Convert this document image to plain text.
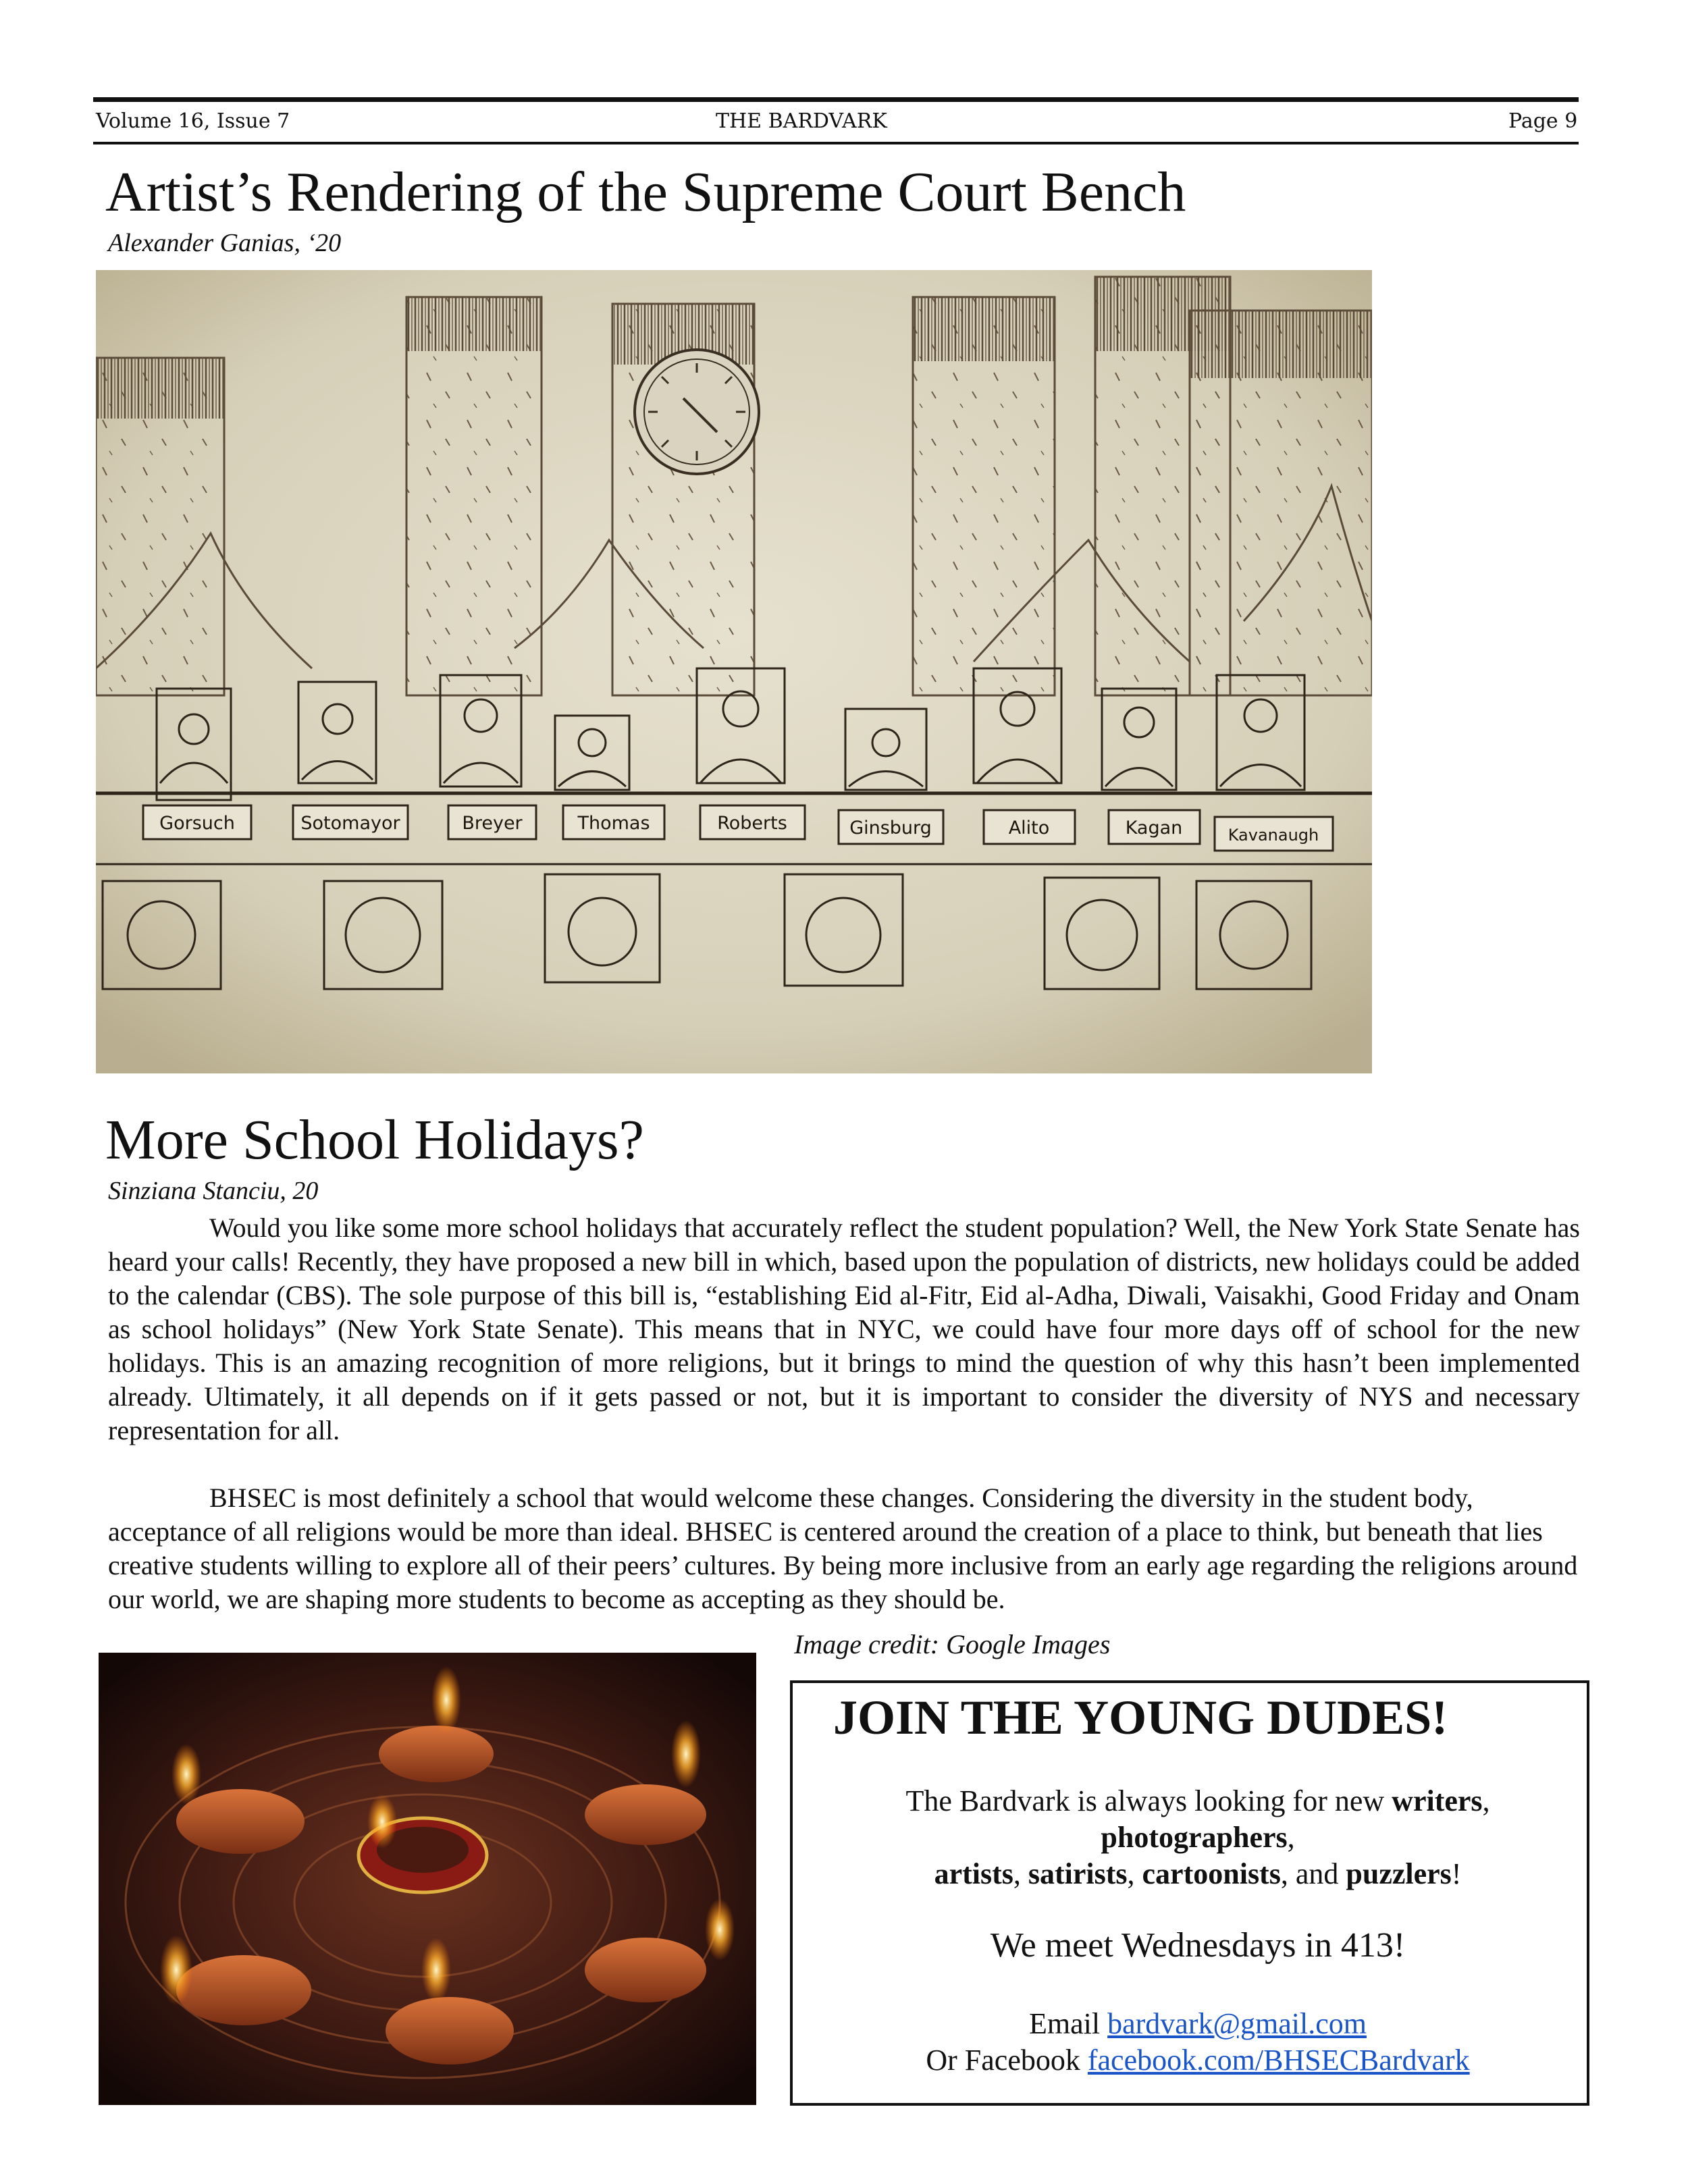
Volume 16, Issue 7	THE BARDVARK	Page 9
Artist’s Rendering of the Supreme Court Bench
Alexander Ganias, ‘20
Gorsuch	Sotomayor	Breyer	Thomas	Roberts	Ginsburg	Alito	Kagan	Kavanaugh
More School Holidays?
Sinziana Stanciu, 20

Would you like some more school holidays that accurately reflect the student population? Well, the New York State Senate has heard your calls! Recently, they have proposed a new bill in which, based upon the population of districts, new holidays could be added to the calendar (CBS). The sole purpose of this bill is, “establishing Eid al-Fitr, Eid al-Adha, Diwali, Vaisakhi, Good Friday and Onam as school holidays” (New York State Senate). This means that in NYC, we could have four more days off of school for the new holidays. This is an amazing recognition of more religions, but it brings to mind the question of why this hasn’t been implemented already. Ultimately, it all depends on if it gets passed or not, but it is important to consider the diversity of NYS and necessary representation for all.

BHSEC is most definitely a school that would welcome these changes. Considering the diversity in the student body, acceptance of all religions would be more than ideal. BHSEC is centered around the creation of a place to think, but beneath that lies creative students willing to explore all of their peers’ cultures. By being more inclusive from an early age regarding the religions around our world, we are shaping more students to become as accepting as they should be.

Image credit: Google Images
JOIN THE YOUNG DUDES!
The Bardvark is always looking for new writers,
photographers,
artists, satirists, cartoonists, and puzzlers!
We meet Wednesdays in 413!
Email bardvark@gmail.com
Or Facebook facebook.com/BHSECBardvark
